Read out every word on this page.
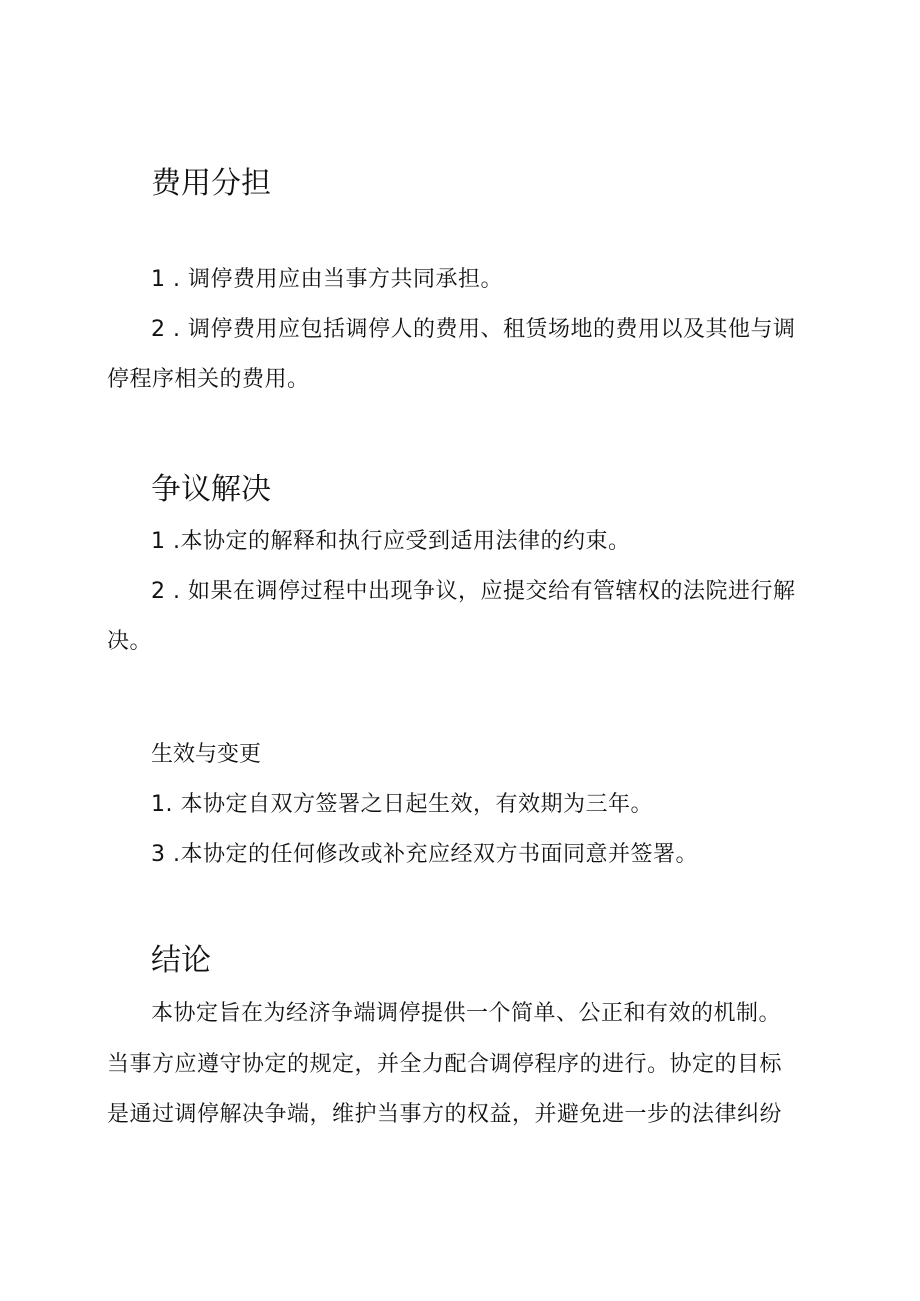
费用分担

1 . 调停费用应由当事方共同承担。

2 . 调停费用应包括调停人的费用、租赁场地的费用以及其他与调

停程序相关的费用。

争议解决

1 .本协定的解释和执行应受到适用法律的约束。

2 . 如果在调停过程中出现争议，应提交给有管辖权的法院进行解

决。

生效与变更

1. 本协定自双方签署之日起生效，有效期为三年。

3 .本协定的任何修改或补充应经双方书面同意并签署。

结论

本协定旨在为经济争端调停提供一个简单、公正和有效的机制。

当事方应遵守协定的规定，并全力配合调停程序的进行。协定的目标

是通过调停解决争端，维护当事方的权益，并避免进一步的法律纠纷
